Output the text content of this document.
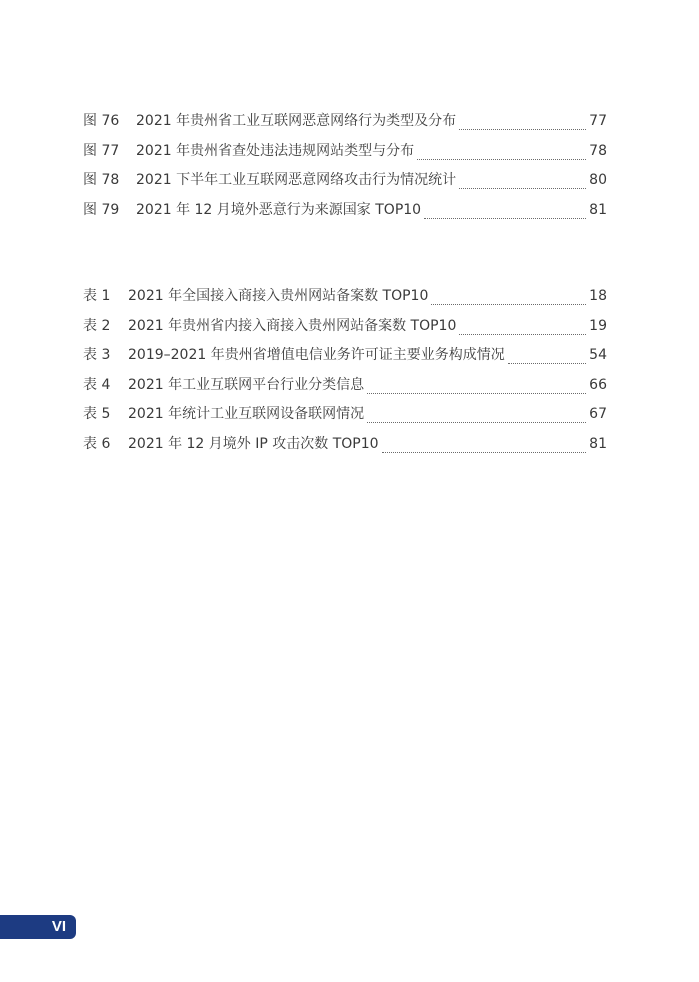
图 76	2021 年贵州省工业互联网恶意网络行为类型及分布	77
图 77	2021 年贵州省查处违法违规网站类型与分布	78
图 78	2021 下半年工业互联网恶意网络攻击行为情况统计	80
图 79	2021 年 12 月境外恶意行为来源国家 TOP10	81
表 1	2021 年全国接入商接入贵州网站备案数 TOP10	18
表 2	2021 年贵州省内接入商接入贵州网站备案数 TOP10	19
表 3	2019–2021 年贵州省增值电信业务许可证主要业务构成情况	54
表 4	2021 年工业互联网平台行业分类信息	66
表 5	2021 年统计工业互联网设备联网情况	67
表 6	2021 年 12 月境外 IP 攻击次数 TOP10	81
VI
